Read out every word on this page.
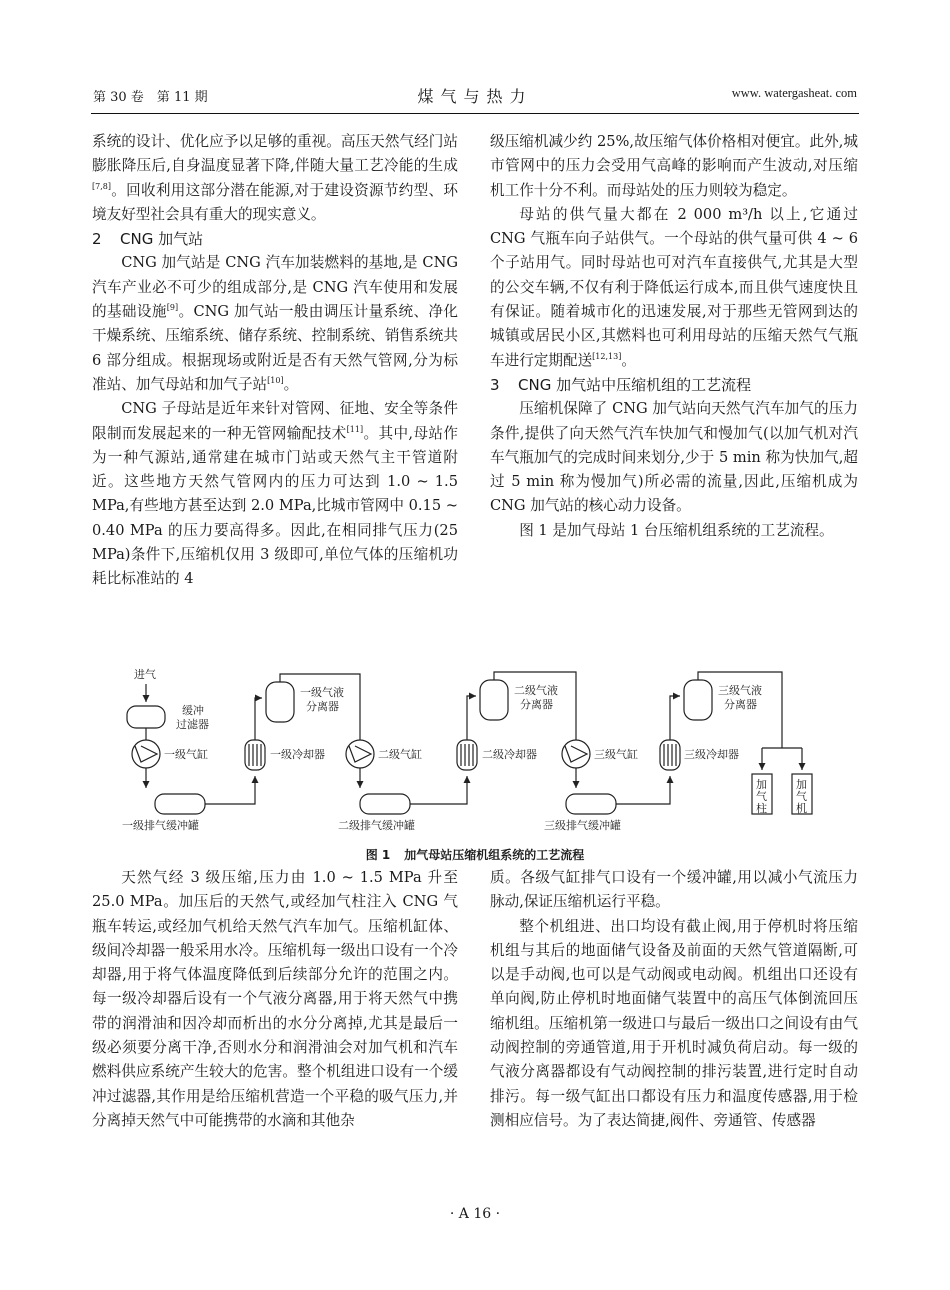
第 30 卷　第 11 期	煤气与热力	www. watergasheat. com

系统的设计、优化应予以足够的重视。高压天然气经门站膨胀降压后,自身温度显著下降,伴随大量工艺冷能的生成[7,8]。回收利用这部分潜在能源,对于建设资源节约型、环境友好型社会具有重大的现实意义。

2 CNG 加气站

CNG 加气站是 CNG 汽车加装燃料的基地,是 CNG 汽车产业必不可少的组成部分,是 CNG 汽车使用和发展的基础设施[9]。CNG 加气站一般由调压计量系统、净化干燥系统、压缩系统、储存系统、控制系统、销售系统共 6 部分组成。根据现场或附近是否有天然气管网,分为标准站、加气母站和加气子站[10]。

CNG 子母站是近年来针对管网、征地、安全等条件限制而发展起来的一种无管网输配技术[11]。其中,母站作为一种气源站,通常建在城市门站或天然气主干管道附近。这些地方天然气管网内的压力可达到 1.0 ~ 1.5 MPa,有些地方甚至达到 2.0 MPa,比城市管网中 0.15 ~ 0.40 MPa 的压力要高得多。因此,在相同排气压力(25 MPa)条件下,压缩机仅用 3 级即可,单位气体的压缩机功耗比标准站的 4

级压缩机减少约 25%,故压缩气体价格相对便宜。此外,城市管网中的压力会受用气高峰的影响而产生波动,对压缩机工作十分不利。而母站处的压力则较为稳定。

母站的供气量大都在 2 000 m³/h 以上,它通过 CNG 气瓶车向子站供气。一个母站的供气量可供 4 ~ 6 个子站用气。同时母站也可对汽车直接供气,尤其是大型的公交车辆,不仅有利于降低运行成本,而且供气速度快且有保证。随着城市化的迅速发展,对于那些无管网到达的城镇或居民小区,其燃料也可利用母站的压缩天然气气瓶车进行定期配送[12,13]。

3 CNG 加气站中压缩机组的工艺流程

压缩机保障了 CNG 加气站向天然气汽车加气的压力条件,提供了向天然气汽车快加气和慢加气(以加气机对汽车气瓶加气的完成时间来划分,少于 5 min 称为快加气,超过 5 min 称为慢加气)所必需的流量,因此,压缩机成为 CNG 加气站的核心动力设备。

图 1 是加气母站 1 台压缩机组系统的工艺流程。

进气
缓冲
过滤器
一级气缸
一级排气缓冲罐
一级冷却器
一级气液
分离器
二级气缸
二级排气缓冲罐
二级冷却器
二级气液
分离器
三级气缸
三级排气缓冲罐
三级冷却器
三级气液
分离器
加
气
柱
加
气
机
图 1 加气母站压缩机组系统的工艺流程

天然气经 3 级压缩,压力由 1.0 ~ 1.5 MPa 升至 25.0 MPa。加压后的天然气,或经加气柱注入 CNG 气瓶车转运,或经加气机给天然气汽车加气。压缩机缸体、级间冷却器一般采用水冷。压缩机每一级出口设有一个冷却器,用于将气体温度降低到后续部分允许的范围之内。每一级冷却器后设有一个气液分离器,用于将天然气中携带的润滑油和因冷却而析出的水分分离掉,尤其是最后一级必须要分离干净,否则水分和润滑油会对加气机和汽车燃料供应系统产生较大的危害。整个机组进口设有一个缓冲过滤器,其作用是给压缩机营造一个平稳的吸气压力,并分离掉天然气中可能携带的水滴和其他杂

质。各级气缸排气口设有一个缓冲罐,用以减小气流压力脉动,保证压缩机运行平稳。

整个机组进、出口均设有截止阀,用于停机时将压缩机组与其后的地面储气设备及前面的天然气管道隔断,可以是手动阀,也可以是气动阀或电动阀。机组出口还设有单向阀,防止停机时地面储气装置中的高压气体倒流回压缩机组。压缩机第一级进口与最后一级出口之间设有由气动阀控制的旁通管道,用于开机时减负荷启动。每一级的气液分离器都设有气动阀控制的排污装置,进行定时自动排污。每一级气缸出口都设有压力和温度传感器,用于检测相应信号。为了表达简捷,阀件、旁通管、传感器

· A 16 ·
